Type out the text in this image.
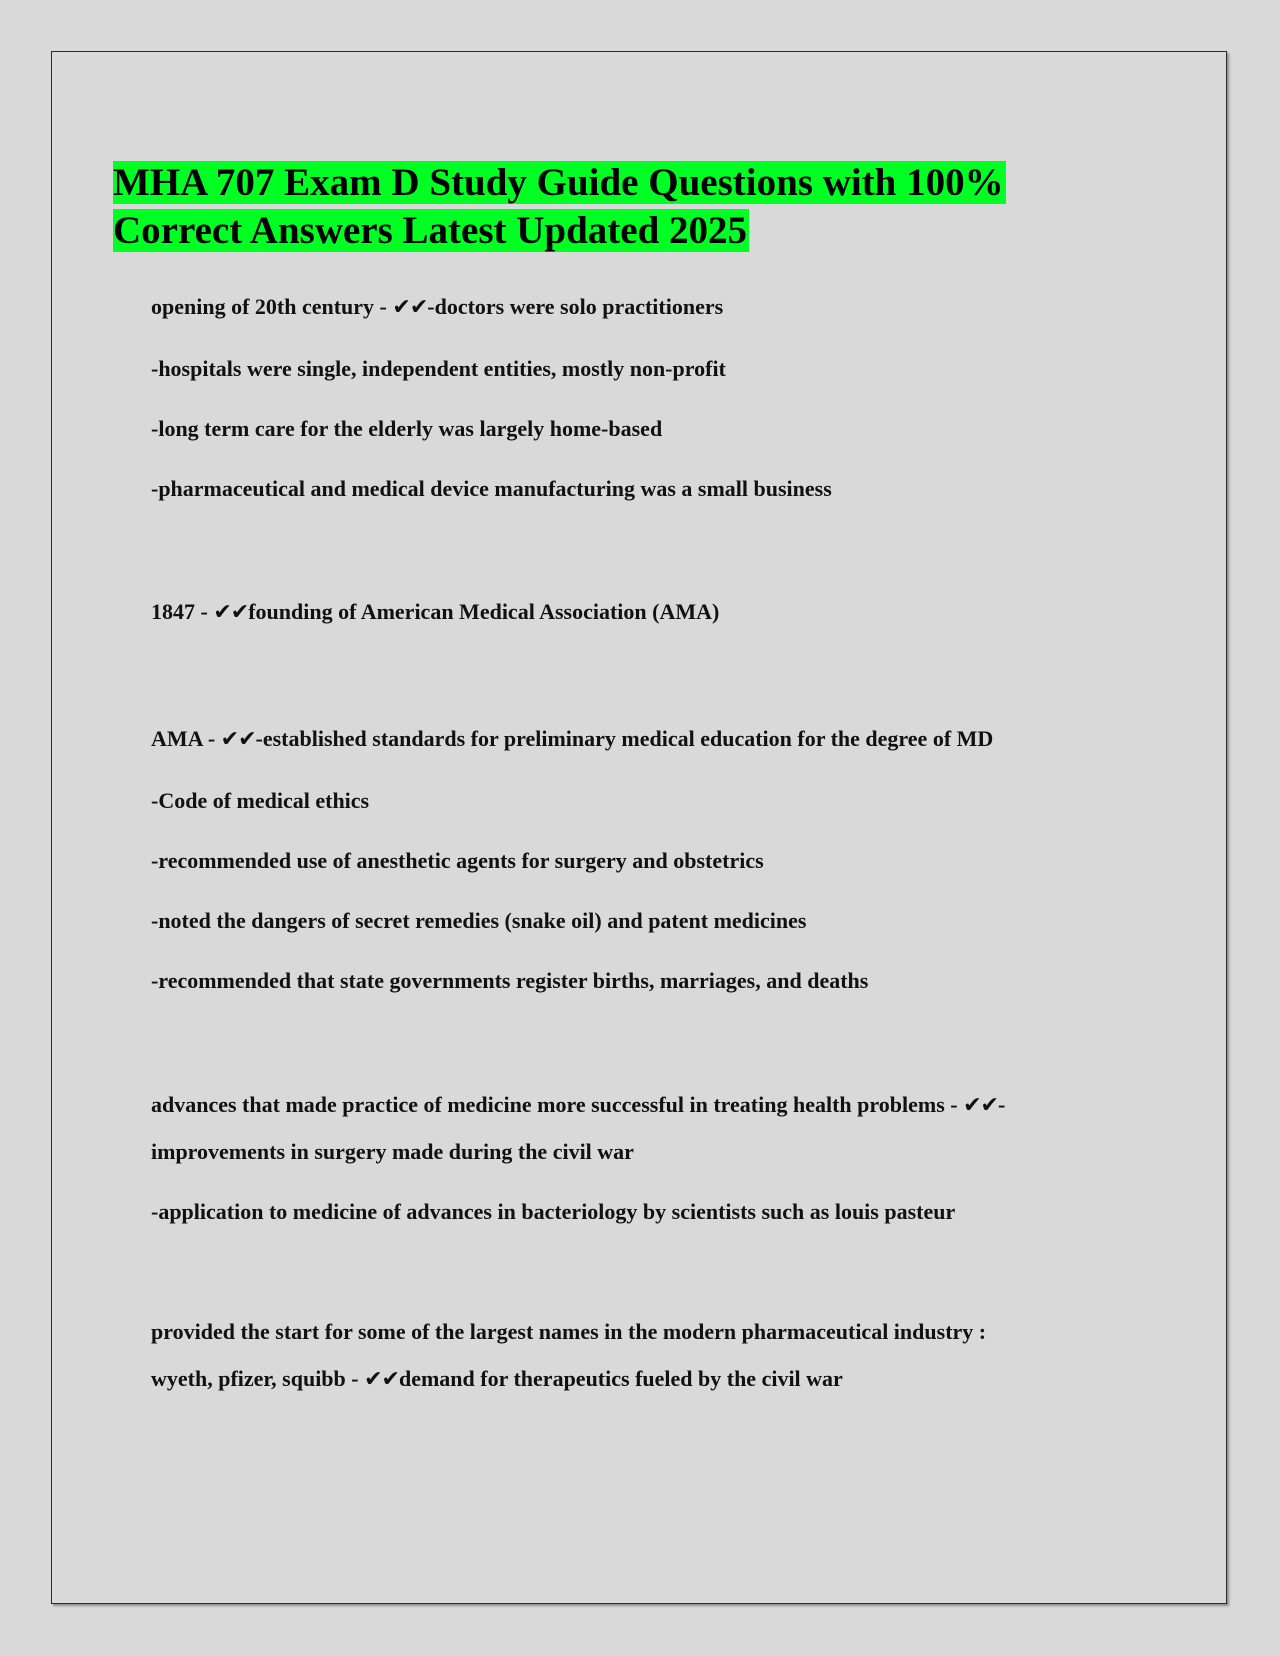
MHA 707 Exam D Study Guide Questions with 100%
Correct Answers Latest Updated 2025

opening of 20th century - ✔✔-doctors were solo practitioners

-hospitals were single, independent entities, mostly non-profit

-long term care for the elderly was largely home-based

-pharmaceutical and medical device manufacturing was a small business

1847 - ✔✔founding of American Medical Association (AMA)

AMA - ✔✔-established standards for preliminary medical education for the degree of MD

-Code of medical ethics

-recommended use of anesthetic agents for surgery and obstetrics

-noted the dangers of secret remedies (snake oil) and patent medicines

-recommended that state governments register births, marriages, and deaths

advances that made practice of medicine more successful in treating health problems - ✔✔-

improvements in surgery made during the civil war

-application to medicine of advances in bacteriology by scientists such as louis pasteur

provided the start for some of the largest names in the modern pharmaceutical industry :

wyeth, pfizer, squibb - ✔✔demand for therapeutics fueled by the civil war
